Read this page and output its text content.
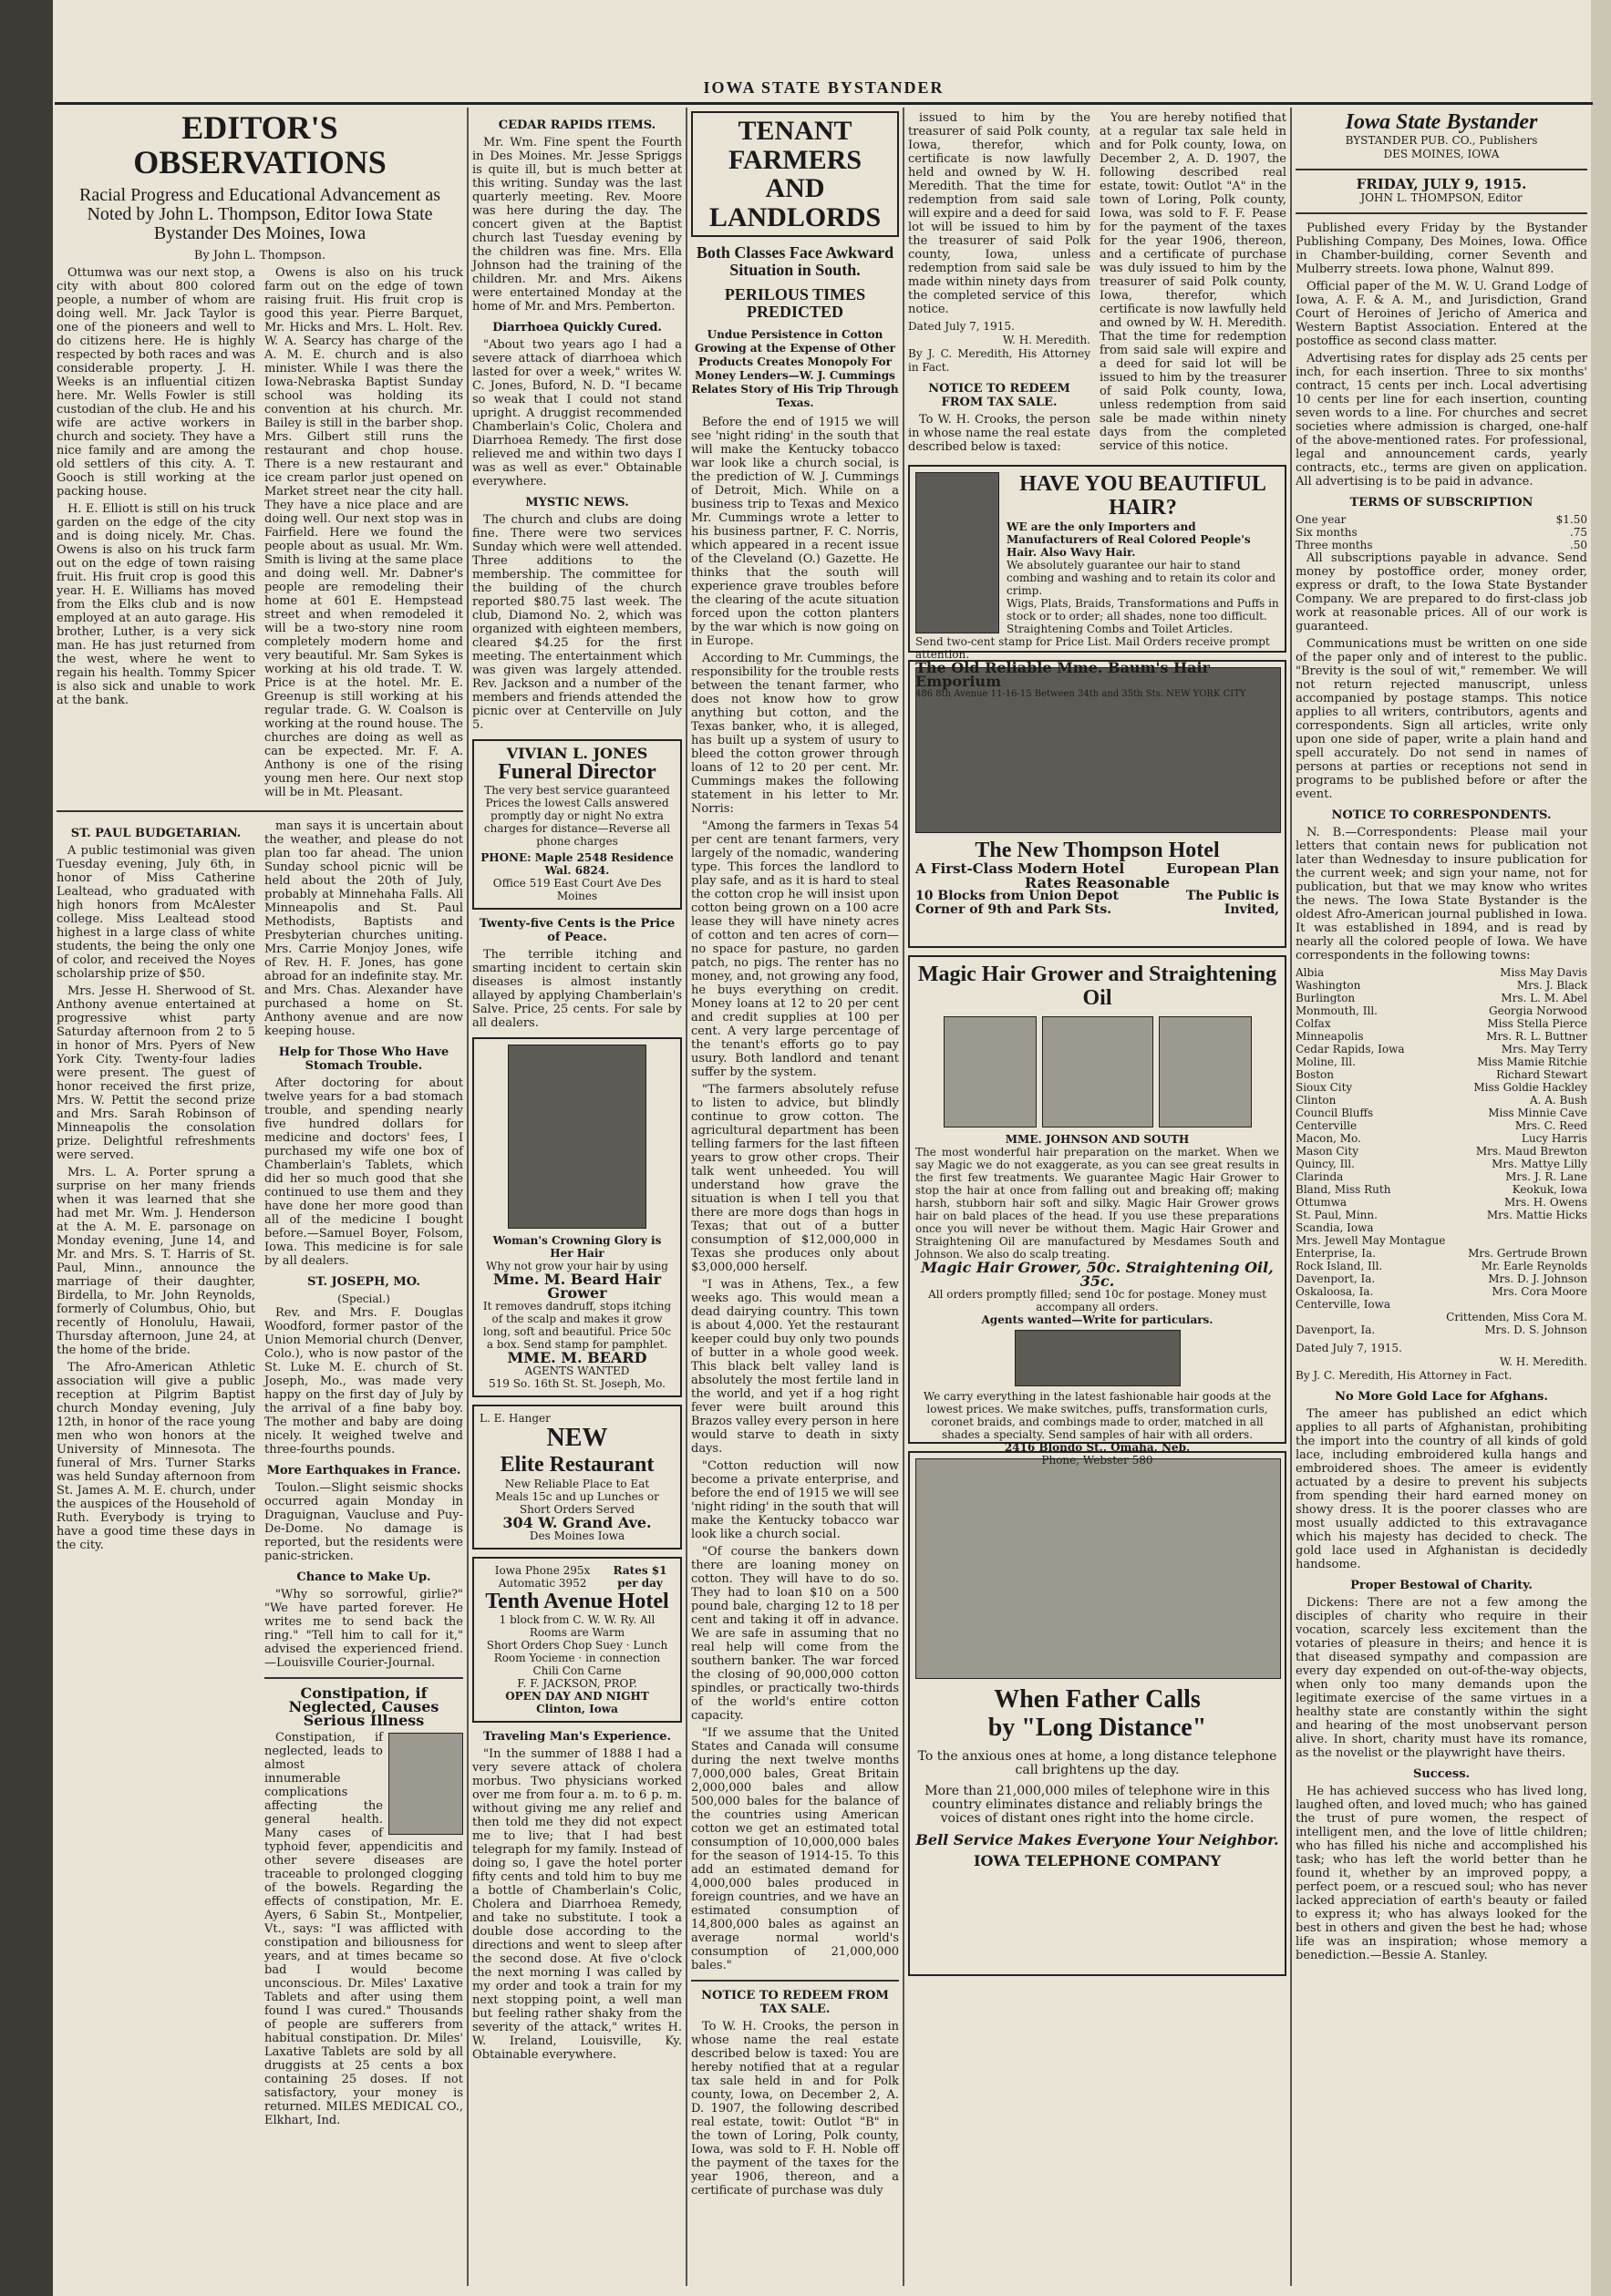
IOWA STATE BYSTANDER
EDITOR'S OBSERVATIONS
Racial Progress and Educational Advancement as Noted by John L. Thompson, Editor Iowa State Bystander Des Moines, Iowa
By John L. Thompson.

Ottumwa was our next stop, a city with about 800 colored people, a number of whom are doing well. Mr. Jack Taylor is one of the pioneers and well to do citizens here. He is highly respected by both races and was considerable property. J. H. Weeks is an influential citizen here. Mr. Wells Fowler is still custodian of the club. He and his wife are active workers in church and society. They have a nice family and are among the old settlers of this city. A. T. Gooch is still working at the packing house.

H. E. Elliott is still on his truck garden on the edge of the city and is doing nicely. Mr. Chas. Owens is also on his truck farm out on the edge of town raising fruit. His fruit crop is good this year. H. E. Williams has moved from the Elks club and is now employed at an auto garage. His brother, Luther, is a very sick man. He has just returned from the west, where he went to regain his health. Tommy Spicer is also sick and unable to work at the bank.

Owens is also on his truck farm out on the edge of town raising fruit. His fruit crop is good this year. Pierre Barquet, Mr. Hicks and Mrs. L. Holt. Rev. W. A. Searcy has charge of the A. M. E. church and is also minister. While I was there the Iowa-Nebraska Baptist Sunday school was holding its convention at his church. Mr. Bailey is still in the barber shop. Mrs. Gilbert still runs the restaurant and chop house. There is a new restaurant and ice cream parlor just opened on Market street near the city hall. They have a nice place and are doing well. Our next stop was in Fairfield. Here we found the people about as usual. Mr. Wm. Smith is living at the same place and doing well. Mr. Dabner's people are remodeling their home at 601 E. Hempstead street and when remodeled it will be a two-story nine room completely modern home and very beautiful. Mr. Sam Sykes is working at his old trade. T. W. Price is at the hotel. Mr. E. Greenup is still working at his regular trade. G. W. Coalson is working at the round house. The churches are doing as well as can be expected. Mr. F. A. Anthony is one of the rising young men here. Our next stop will be in Mt. Pleasant.

ST. PAUL BUDGETARIAN.

A public testimonial was given Tuesday evening, July 6th, in honor of Miss Catherine Lealtead, who graduated with high honors from McAlester college. Miss Lealtead stood highest in a large class of white students, the being the only one of color, and received the Noyes scholarship prize of $50.

Mrs. Jesse H. Sherwood of St. Anthony avenue entertained at progressive whist party Saturday afternoon from 2 to 5 in honor of Mrs. Pyers of New York City. Twenty-four ladies were present. The guest of honor received the first prize, Mrs. W. Pettit the second prize and Mrs. Sarah Robinson of Minneapolis the consolation prize. Delightful refreshments were served.

Mrs. L. A. Porter sprung a surprise on her many friends when it was learned that she had met Mr. Wm. J. Henderson at the A. M. E. parsonage on Monday evening, June 14, and Mr. and Mrs. S. T. Harris of St. Paul, Minn., announce the marriage of their daughter, Birdella, to Mr. John Reynolds, formerly of Columbus, Ohio, but recently of Honolulu, Hawaii, Thursday afternoon, June 24, at the home of the bride.

The Afro-American Athletic association will give a public reception at Pilgrim Baptist church Monday evening, July 12th, in honor of the race young men who won honors at the University of Minnesota. The funeral of Mrs. Turner Starks was held Sunday afternoon from St. James A. M. E. church, under the auspices of the Household of Ruth. Everybody is trying to have a good time these days in the city.

man says it is uncertain about the weather, and please do not plan too far ahead. The union Sunday school picnic will be held about the 20th of July, probably at Minnehaha Falls. All Minneapolis and St. Paul Methodists, Baptists and Presbyterian churches uniting. Mrs. Carrie Monjoy Jones, wife of Rev. H. F. Jones, has gone abroad for an indefinite stay. Mr. and Mrs. Chas. Alexander have purchased a home on St. Anthony avenue and are now keeping house.

Help for Those Who Have Stomach Trouble.

After doctoring for about twelve years for a bad stomach trouble, and spending nearly five hundred dollars for medicine and doctors' fees, I purchased my wife one box of Chamberlain's Tablets, which did her so much good that she continued to use them and they have done her more good than all of the medicine I bought before.—Samuel Boyer, Folsom, Iowa. This medicine is for sale by all dealers.

ST. JOSEPH, MO.
(Special.)

Rev. and Mrs. F. Douglas Woodford, former pastor of the Union Memorial church (Denver, Colo.), who is now pastor of the St. Luke M. E. church of St. Joseph, Mo., was made very happy on the first day of July by the arrival of a fine baby boy. The mother and baby are doing nicely. It weighed twelve and three-fourths pounds.

More Earthquakes in France.

Toulon.—Slight seismic shocks occurred again Monday in Draguignan, Vaucluse and Puy-De-Dome. No damage is reported, but the residents were panic-stricken.

Chance to Make Up.

"Why so sorrowful, girlie?" "We have parted forever. He writes me to send back the ring." "Tell him to call for it," advised the experienced friend.—Louisville Courier-Journal.

Constipation, if Neglected, Causes Serious Illness

Constipation, if neglected, leads to almost innumerable complications affecting the general health. Many cases of typhoid fever, appendicitis and other severe diseases are traceable to prolonged clogging of the bowels. Regarding the effects of constipation, Mr. E. Ayers, 6 Sabin St., Montpelier, Vt., says: "I was afflicted with constipation and biliousness for years, and at times became so bad I would become unconscious. Dr. Miles' Laxative Tablets and after using them found I was cured." Thousands of people are sufferers from habitual constipation. Dr. Miles' Laxative Tablets are sold by all druggists at 25 cents a box containing 25 doses. If not satisfactory, your money is returned. MILES MEDICAL CO., Elkhart, Ind.

CEDAR RAPIDS ITEMS.

Mr. Wm. Fine spent the Fourth in Des Moines. Mr. Jesse Spriggs is quite ill, but is much better at this writing. Sunday was the last quarterly meeting. Rev. Moore was here during the day. The concert given at the Baptist church last Tuesday evening by the children was fine. Mrs. Ella Johnson had the training of the children. Mr. and Mrs. Aikens were entertained Monday at the home of Mr. and Mrs. Pemberton.

Diarrhoea Quickly Cured.

"About two years ago I had a severe attack of diarrhoea which lasted for over a week," writes W. C. Jones, Buford, N. D. "I became so weak that I could not stand upright. A druggist recommended Chamberlain's Colic, Cholera and Diarrhoea Remedy. The first dose relieved me and within two days I was as well as ever." Obtainable everywhere.

MYSTIC NEWS.

The church and clubs are doing fine. There were two services Sunday which were well attended. Three additions to the membership. The committee for the building of the church reported $80.75 last week. The club, Diamond No. 2, which was organized with eighteen members, cleared $4.25 for the first meeting. The entertainment which was given was largely attended. Rev. Jackson and a number of the members and friends attended the picnic over at Centerville on July 5.

VIVIAN L. JONES
Funeral Director
The very best service guaranteed Prices the lowest Calls answered promptly day or night No extra charges for distance—Reverse all phone charges
PHONE: Maple 2548 Residence Wal. 6824.
Office 519 East Court Ave Des Moines
Twenty-five Cents is the Price of Peace.

The terrible itching and smarting incident to certain skin diseases is almost instantly allayed by applying Chamberlain's Salve. Price, 25 cents. For sale by all dealers.

Woman's Crowning Glory is Her Hair
Why not grow your hair by using
Mme. M. Beard Hair Grower
It removes dandruff, stops itching of the scalp and makes it grow long, soft and beautiful. Price 50c a box. Send stamp for pamphlet.
MME. M. BEARD
AGENTS WANTED
519 So. 16th St. St. Joseph, Mo.
L. E. Hanger
NEW
Elite Restaurant
New Reliable Place to Eat
Meals 15c and up Lunches or Short Orders Served
304 W. Grand Ave.
Des Moines Iowa
Iowa Phone 295x Automatic 3952
Rates $1 per day
Tenth Avenue Hotel
1 block from C. W. W. Ry. All Rooms are Warm
Short Orders Chop Suey · Lunch Room Yocieme · in connection Chili Con Carne
F. F. JACKSON, PROP.
OPEN DAY AND NIGHT Clinton, Iowa
Traveling Man's Experience.

"In the summer of 1888 I had a very severe attack of cholera morbus. Two physicians worked over me from four a. m. to 6 p. m. without giving me any relief and then told me they did not expect me to live; that I had best telegraph for my family. Instead of doing so, I gave the hotel porter fifty cents and told him to buy me a bottle of Chamberlain's Colic, Cholera and Diarrhoea Remedy, and take no substitute. I took a double dose according to the directions and went to sleep after the second dose. At five o'clock the next morning I was called by my order and took a train for my next stopping point, a well man but feeling rather shaky from the severity of the attack," writes H. W. Ireland, Louisville, Ky. Obtainable everywhere.

TENANT FARMERS AND LANDLORDS
Both Classes Face Awkward Situation in South.
PERILOUS TIMES PREDICTED
Undue Persistence in Cotton Growing at the Expense of Other Products Creates Monopoly For Money Lenders—W. J. Cummings Relates Story of His Trip Through Texas.

Before the end of 1915 we will see 'night riding' in the south that will make the Kentucky tobacco war look like a church social, is the prediction of W. J. Cummings of Detroit, Mich. While on a business trip to Texas and Mexico Mr. Cummings wrote a letter to his business partner, F. C. Norris, which appeared in a recent issue of the Cleveland (O.) Gazette. He thinks that the south will experience grave troubles before the clearing of the acute situation forced upon the cotton planters by the war which is now going on in Europe.

According to Mr. Cummings, the responsibility for the trouble rests between the tenant farmer, who does not know how to grow anything but cotton, and the Texas banker, who, it is alleged, has built up a system of usury to bleed the cotton grower through loans of 12 to 20 per cent. Mr. Cummings makes the following statement in his letter to Mr. Norris:

"Among the farmers in Texas 54 per cent are tenant farmers, very largely of the nomadic, wandering type. This forces the landlord to play safe, and as it is hard to steal the cotton crop he will insist upon cotton being grown on a 100 acre lease they will have ninety acres of cotton and ten acres of corn—no space for pasture, no garden patch, no pigs. The renter has no money, and, not growing any food, he buys everything on credit. Money loans at 12 to 20 per cent and credit supplies at 100 per cent. A very large percentage of the tenant's efforts go to pay usury. Both landlord and tenant suffer by the system.

"The farmers absolutely refuse to listen to advice, but blindly continue to grow cotton. The agricultural department has been telling farmers for the last fifteen years to grow other crops. Their talk went unheeded. You will understand how grave the situation is when I tell you that there are more dogs than hogs in Texas; that out of a butter consumption of $12,000,000 in Texas she produces only about $3,000,000 herself.

"I was in Athens, Tex., a few weeks ago. This would mean a dead dairying country. This town is about 4,000. Yet the restaurant keeper could buy only two pounds of butter in a whole good week. This black belt valley land is absolutely the most fertile land in the world, and yet if a hog right fever were built around this Brazos valley every person in here would starve to death in sixty days.

"Cotton reduction will now become a private enterprise, and before the end of 1915 we will see 'night riding' in the south that will make the Kentucky tobacco war look like a church social.

"Of course the bankers down there are loaning money on cotton. They will have to do so. They had to loan $10 on a 500 pound bale, charging 12 to 18 per cent and taking it off in advance. We are safe in assuming that no real help will come from the southern banker. The war forced the closing of 90,000,000 cotton spindles, or practically two-thirds of the world's entire cotton capacity.

"If we assume that the United States and Canada will consume during the next twelve months 7,000,000 bales, Great Britain 2,000,000 bales and allow 500,000 bales for the balance of the countries using American cotton we get an estimated total consumption of 10,000,000 bales for the season of 1914-15. To this add an estimated demand for 4,000,000 bales produced in foreign countries, and we have an estimated consumption of 14,800,000 bales as against an average normal world's consumption of 21,000,000 bales."

NOTICE TO REDEEM FROM TAX SALE.

To W. H. Crooks, the person in whose name the real estate described below is taxed: You are hereby notified that at a regular tax sale held in and for Polk county, Iowa, on December 2, A. D. 1907, the following described real estate, towit: Outlot "B" in the town of Loring, Polk county, Iowa, was sold to F. H. Noble off the payment of the taxes for the year 1906, thereon, and a certificate of purchase was duly

issued to him by the treasurer of said Polk county, Iowa, therefor, which certificate is now lawfully held and owned by W. H. Meredith. That the time for redemption from said sale will expire and a deed for said lot will be issued to him by the treasurer of said Polk county, Iowa, unless redemption from said sale be made within ninety days from the completed service of this notice.

Dated July 7, 1915.
W. H. Meredith.
By J. C. Meredith, His Attorney in Fact.
NOTICE TO REDEEM FROM TAX SALE.

To W. H. Crooks, the person in whose name the real estate described below is taxed:

You are hereby notified that at a regular tax sale held in and for Polk county, Iowa, on December 2, A. D. 1907, the following described real estate, towit: Outlot "A" in the town of Loring, Polk county, Iowa, was sold to F. F. Pease for the payment of the taxes for the year 1906, thereon, and a certificate of purchase was duly issued to him by the treasurer of said Polk county, Iowa, therefor, which certificate is now lawfully held and owned by W. H. Meredith. That the time for redemption from said sale will expire and a deed for said lot will be issued to him by the treasurer of said Polk county, Iowa, unless redemption from said sale be made within ninety days from the completed service of this notice.

HAVE YOU BEAUTIFUL HAIR?
WE are the only Importers and Manufacturers of Real Colored People's Hair. Also Wavy Hair.
We absolutely guarantee our hair to stand combing and washing and to retain its color and crimp.
Wigs, Plats, Braids, Transformations and Puffs in stock or to order; all shades, none too difficult.
Straightening Combs and Toilet Articles.
Send two-cent stamp for Price List. Mail Orders receive prompt attention.
The Old Reliable Mme. Baum's Hair Emporium
486 8th Avenue 11-16-15 Between 34th and 35th Sts. NEW YORK CITY
The New Thompson Hotel
A First-Class Modern Hotel	European Plan
Rates Reasonable
10 Blocks from Union Depot	The Public is
Corner of 9th and Park Sts.	Invited,
Magic Hair Grower and Straightening Oil
MME. JOHNSON AND SOUTH
The most wonderful hair preparation on the market. When we say Magic we do not exaggerate, as you can see great results in the first few treatments. We guarantee Magic Hair Grower to stop the hair at once from falling out and breaking off; making harsh, stubborn hair soft and silky. Magic Hair Grower grows hair on bald places of the head. If you use these preparations once you will never be without them. Magic Hair Grower and Straightening Oil are manufactured by Mesdames South and Johnson. We also do scalp treating.
Magic Hair Grower, 50c. Straightening Oil, 35c.
All orders promptly filled; send 10c for postage. Money must accompany all orders.
Agents wanted—Write for particulars.
We carry everything in the latest fashionable hair goods at the lowest prices. We make switches, puffs, transformation curls, coronet braids, and combings made to order, matched in all shades a specialty. Send samples of hair with all orders.
2416 Blondo St., Omaha, Neb.
Phone, Webster 580
When Father Calls
by "Long Distance"
To the anxious ones at home, a long distance telephone call brightens up the day.
More than 21,000,000 miles of telephone wire in this country eliminates distance and reliably brings the voices of distant ones right into the home circle.
Bell Service Makes Everyone Your Neighbor.
IOWA TELEPHONE COMPANY
Iowa State Bystander
BYSTANDER PUB. CO., Publishers
DES MOINES, IOWA
FRIDAY, JULY 9, 1915.
JOHN L. THOMPSON, Editor

Published every Friday by the Bystander Publishing Company, Des Moines, Iowa. Office in Chamber-building, corner Seventh and Mulberry streets. Iowa phone, Walnut 899.

Official paper of the M. W. U. Grand Lodge of Iowa, A. F. & A. M., and Jurisdiction, Grand Court of Heroines of Jericho of America and Western Baptist Association. Entered at the postoffice as second class matter.

Advertising rates for display ads 25 cents per inch, for each insertion. Three to six months' contract, 15 cents per inch. Local advertising 10 cents per line for each insertion, counting seven words to a line. For churches and secret societies where admission is charged, one-half of the above-mentioned rates. For professional, legal and announcement cards, yearly contracts, etc., terms are given on application. All advertising is to be paid in advance.

TERMS OF SUBSCRIPTION
One year	$1.50
Six months	.75
Three months	.50

All subscriptions payable in advance. Send money by postoffice order, money order, express or draft, to the Iowa State Bystander Company. We are prepared to do first-class job work at reasonable prices. All of our work is guaranteed.

Communications must be written on one side of the paper only and of interest to the public. "Brevity is the soul of wit," remember. We will not return rejected manuscript, unless accompanied by postage stamps. This notice applies to all writers, contributors, agents and correspondents. Sign all articles, write only upon one side of paper, write a plain hand and spell accurately. Do not send in names of persons at parties or receptions not send in programs to be published before or after the event.

NOTICE TO CORRESPONDENTS.

N. B.—Correspondents: Please mail your letters that contain news for publication not later than Wednesday to insure publication for the current week; and sign your name, not for publication, but that we may know who writes the news. The Iowa State Bystander is the oldest Afro-American journal published in Iowa. It was established in 1894, and is read by nearly all the colored people of Iowa. We have correspondents in the following towns:

Albia	Miss May Davis
Washington	Mrs. J. Black
Burlington	Mrs. L. M. Abel
Monmouth, Ill.	Georgia Norwood
Colfax	Miss Stella Pierce
Minneapolis	Mrs. R. L. Buttner
Cedar Rapids, Iowa	Mrs. May Terry
Moline, Ill.	Miss Mamie Ritchie
Boston	Richard Stewart
Sioux City	Miss Goldie Hackley
Clinton	A. A. Bush
Council Bluffs	Miss Minnie Cave
Centerville	Mrs. C. Reed
Macon, Mo.	Lucy Harris
Mason City	Mrs. Maud Brewton
Quincy, Ill.	Mrs. Mattye Lilly
Clarinda	Mrs. J. R. Lane
Bland, Miss Ruth	Keokuk, Iowa
Ottumwa	Mrs. H. Owens
St. Paul, Minn.	Mrs. Mattie Hicks
Scandia, Iowa
Mrs. Jewell May Montague
Enterprise, Ia.	Mrs. Gertrude Brown
Rock Island, Ill.	Mr. Earle Reynolds
Davenport, Ia.	Mrs. D. J. Johnson
Oskaloosa, Ia.	Mrs. Cora Moore
Centerville, Iowa
Crittenden, Miss Cora M.
Davenport, Ia.	Mrs. D. S. Johnson
Dated July 7, 1915.
W. H. Meredith.
By J. C. Meredith, His Attorney in Fact.
No More Gold Lace for Afghans.

The ameer has published an edict which applies to all parts of Afghanistan, prohibiting the import into the country of all kinds of gold lace, including embroidered kulla hangs and embroidered shoes. The ameer is evidently actuated by a desire to prevent his subjects from spending their hard earned money on showy dress. It is the poorer classes who are most usually addicted to this extravagance which his majesty has decided to check. The gold lace used in Afghanistan is decidedly handsome.

Proper Bestowal of Charity.

Dickens: There are not a few among the disciples of charity who require in their vocation, scarcely less excitement than the votaries of pleasure in theirs; and hence it is that diseased sympathy and compassion are every day expended on out-of-the-way objects, when only too many demands upon the legitimate exercise of the same virtues in a healthy state are constantly within the sight and hearing of the most unobservant person alive. In short, charity must have its romance, as the novelist or the playwright have theirs.

Success.

He has achieved success who has lived long, laughed often, and loved much; who has gained the trust of pure women, the respect of intelligent men, and the love of little children; who has filled his niche and accomplished his task; who has left the world better than he found it, whether by an improved poppy, a perfect poem, or a rescued soul; who has never lacked appreciation of earth's beauty or failed to express it; who has always looked for the best in others and given the best he had; whose life was an inspiration; whose memory a benediction.—Bessie A. Stanley.
